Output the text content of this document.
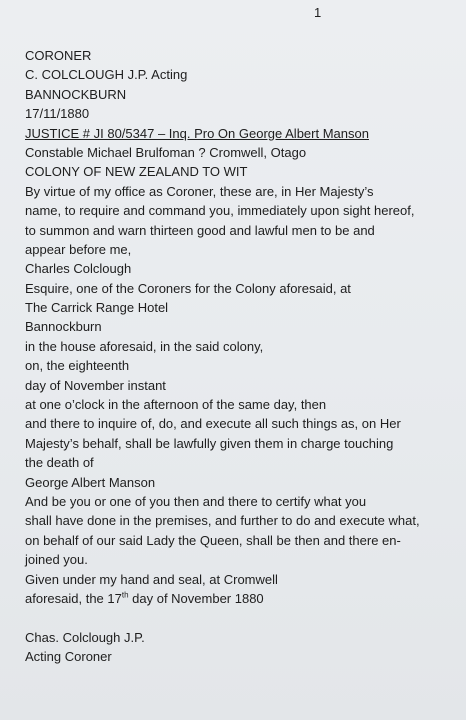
1
CORONER
C. COLCLOUGH J.P. Acting
BANNOCKBURN
17/11/1880
JUSTICE # JI 80/5347 – Inq. Pro On George Albert Manson
Constable Michael Brulfoman ? Cromwell, Otago
COLONY OF NEW ZEALAND TO WIT
By virtue of my office as Coroner, these are, in Her Majesty’s
name, to require and command you, immediately upon sight hereof,
to summon and warn thirteen good and lawful men to be and
appear before me,
Charles Colclough
Esquire, one of the Coroners for the Colony aforesaid, at
The Carrick Range Hotel
Bannockburn
in the house aforesaid, in the said colony,
on, the eighteenth
day of November instant
at one o’clock in the afternoon of the same day, then
and there to inquire of, do, and execute all such things as, on Her
Majesty’s behalf, shall be lawfully given them in charge touching
the death of
George Albert Manson
And be you or one of you then and there to certify what you
shall have done in the premises, and further to do and execute what,
on behalf of our said Lady the Queen, shall be then and there en-
joined you.
Given under my hand and seal, at Cromwell
aforesaid, the 17th day of November 1880
Chas. Colclough J.P.
Acting Coroner
